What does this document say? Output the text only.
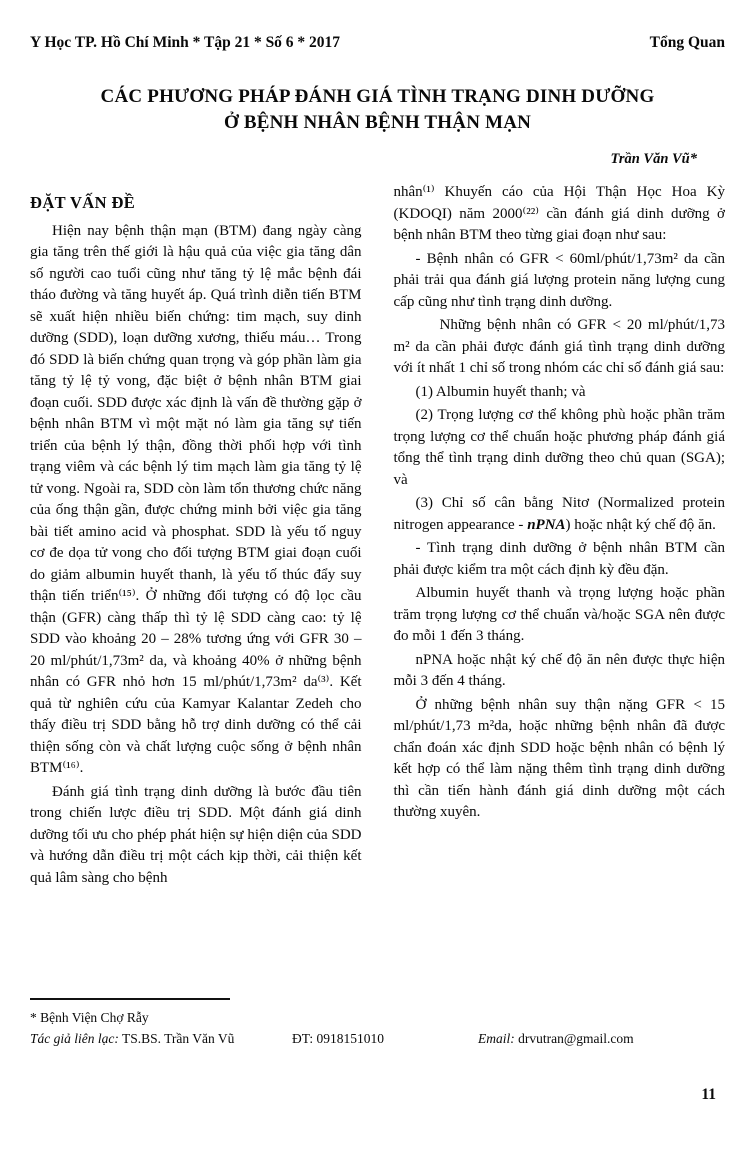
Y Học TP. Hồ Chí Minh * Tập 21 * Số 6 * 2017	Tổng Quan
CÁC PHƯƠNG PHÁP ĐÁNH GIÁ TÌNH TRẠNG DINH DƯỠNG
Ở BỆNH NHÂN BỆNH THẬN MẠN
Trần Văn Vũ*
ĐẶT VẤN ĐỀ

Hiện nay bệnh thận mạn (BTM) đang ngày càng gia tăng trên thế giới là hậu quả của việc gia tăng dân số người cao tuổi cũng như tăng tỷ lệ mắc bệnh đái tháo đường và tăng huyết áp. Quá trình diễn tiến BTM sẽ xuất hiện nhiều biến chứng: tim mạch, suy dinh dưỡng (SDD), loạn dưỡng xương, thiếu máu… Trong đó SDD là biến chứng quan trọng và góp phần làm gia tăng tỷ lệ tỷ vong, đặc biệt ở bệnh nhân BTM giai đoạn cuối. SDD được xác định là vấn đề thường gặp ở bệnh nhân BTM vì một mặt nó làm gia tăng sự tiến triển của bệnh lý thận, đồng thời phối hợp với tình trạng viêm và các bệnh lý tim mạch làm gia tăng tỷ lệ tử vong. Ngoài ra, SDD còn làm tổn thương chức năng của ống thận gần, được chứng minh bởi việc gia tăng bài tiết amino acid và phosphat. SDD là yếu tố nguy cơ đe dọa tử vong cho đối tượng BTM giai đoạn cuối do giảm albumin huyết thanh, là yếu tố thúc đẩy suy thận tiến triển⁽¹⁵⁾. Ở những đối tượng có độ lọc cầu thận (GFR) càng thấp thì tỷ lệ SDD càng cao: tỷ lệ SDD vào khoảng 20 – 28% tương ứng với GFR 30 – 20 ml/phút/1,73m² da, và khoảng 40% ở những bệnh nhân có GFR nhỏ hơn 15 ml/phút/1,73m² da⁽³⁾. Kết quả từ nghiên cứu của Kamyar Kalantar Zedeh cho thấy điều trị SDD bằng hỗ trợ dinh dưỡng có thể cải thiện sống còn và chất lượng cuộc sống ở bệnh nhân BTM⁽¹⁶⁾.

Đánh giá tình trạng dinh dưỡng là bước đầu tiên trong chiến lược điều trị SDD. Một đánh giá dinh dưỡng tối ưu cho phép phát hiện sự hiện diện của SDD và hướng dẫn điều trị một cách kịp thời, cải thiện kết quả lâm sàng cho bệnh

nhân⁽¹⁾ Khuyến cáo của Hội Thận Học Hoa Kỳ (KDOQI) năm 2000⁽²²⁾ cần đánh giá dinh dưỡng ở bệnh nhân BTM theo từng giai đoạn như sau:

- Bệnh nhân có GFR < 60ml/phút/1,73m² da cần phải trải qua đánh giá lượng protein năng lượng cung cấp cũng như tình trạng dinh dưỡng.

Những bệnh nhân có GFR < 20 ml/phút/1,73 m² da cần phải được đánh giá tình trạng dinh dưỡng với ít nhất 1 chỉ số trong nhóm các chỉ số đánh giá sau:

(1) Albumin huyết thanh; và

(2) Trọng lượng cơ thể không phù hoặc phần trăm trọng lượng cơ thể chuẩn hoặc phương pháp đánh giá tổng thể tình trạng dinh dưỡng theo chủ quan (SGA); và

(3) Chỉ số cân bằng Nitơ (Normalized protein nitrogen appearance - nPNA) hoặc nhật ký chế độ ăn.

- Tình trạng dinh dưỡng ở bệnh nhân BTM cần phải được kiểm tra một cách định kỳ đều đặn.

Albumin huyết thanh và trọng lượng hoặc phần trăm trọng lượng cơ thể chuẩn và/hoặc SGA nên được đo mỗi 1 đến 3 tháng.

nPNA hoặc nhật ký chế độ ăn nên được thực hiện mỗi 3 đến 4 tháng.

Ở những bệnh nhân suy thận nặng GFR < 15 ml/phút/1,73 m²da, hoặc những bệnh nhân đã được chẩn đoán xác định SDD hoặc bệnh nhân có bệnh lý kết hợp có thể làm nặng thêm tình trạng dinh dưỡng thì cần tiến hành đánh giá dinh dưỡng một cách thường xuyên.

* Bệnh Viện Chợ Rẫy
Tác giả liên lạc: TS.BS. Trần Văn Vũ	ĐT: 0918151010	Email: drvutran@gmail.com
11
